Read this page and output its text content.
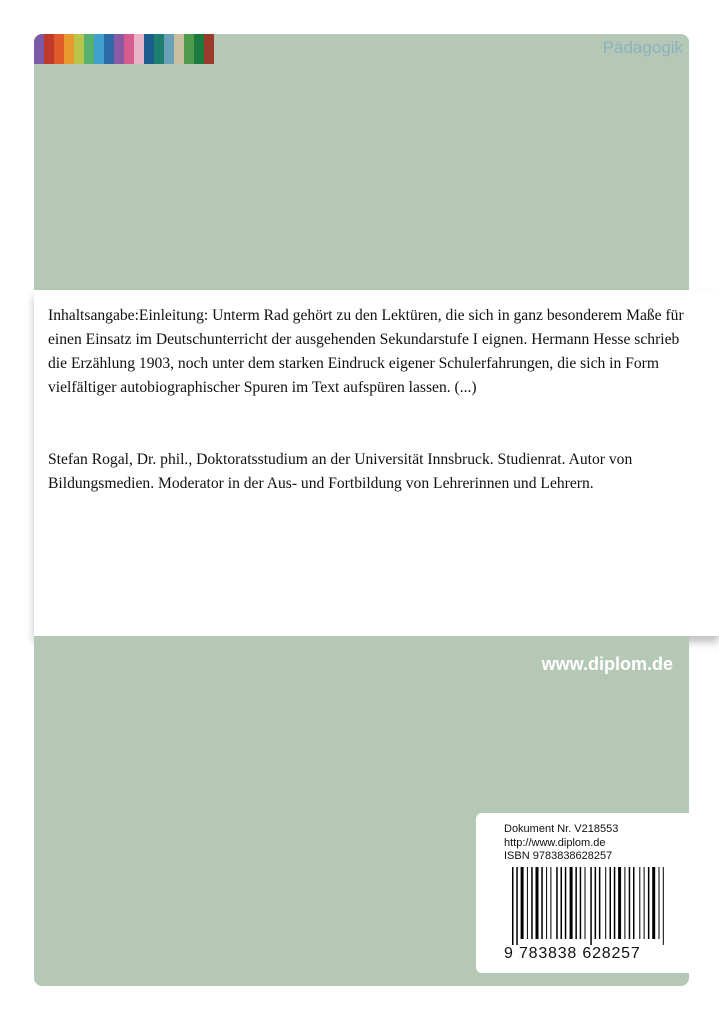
Pädagogik

Inhaltsangabe:Einleitung: Unterm Rad gehört zu den Lektüren, die sich in ganz besonderem Maße für einen Einsatz im Deutschunterricht der ausgehenden Sekundarstufe I eignen. Hermann Hesse schrieb die Erzählung 1903, noch unter dem starken Eindruck eigener Schulerfahrungen, die sich in Form vielfältiger autobiographischer Spuren im Text aufspüren lassen. (...)

Stefan Rogal, Dr. phil., Doktoratsstudium an der Universität Innsbruck. Studienrat. Autor von Bildungsmedien. Moderator in der Aus- und Fortbildung von Lehrerinnen und Lehrern.

www.diplom.de
Dokument Nr. V218553
http://www.diplom.de
ISBN 9783838628257
9 783838 628257
